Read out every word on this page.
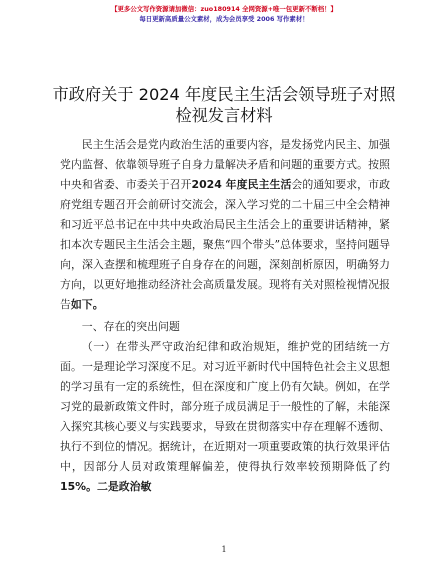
【更多公文写作资源请加微信：zuo180914 全网资源+唯一包更新不断档！】
每日更新高质量公文素材，成为会员享受 2006 写作素材！
市政府关于 2024 年度民主生活会领导班子对照
检视发言材料

民主生活会是党内政治生活的重要内容，是发扬党内民主、加强党内监督、依靠领导班子自身力量解决矛盾和问题的重要方式。按照中央和省委、市委关于召开2024 年度民主生活会的通知要求，市政府党组专题召开会前研讨交流会，深入学习党的二十届三中全会精神和习近平总书记在中共中央政治局民主生活会上的重要讲话精神，紧扣本次专题民主生活会主题，聚焦“四个带头”总体要求，坚持问题导向，深入查摆和梳理班子自身存在的问题，深刻剖析原因，明确努力方向，以更好地推动经济社会高质量发展。现将有关对照检视情况报告如下。

一、存在的突出问题

（一）在带头严守政治纪律和政治规矩，维护党的团结统一方面。一是理论学习深度不足。对习近平新时代中国特色社会主义思想的学习虽有一定的系统性，但在深度和广度上仍有欠缺。例如，在学习党的最新政策文件时，部分班子成员满足于一般性的了解，未能深入探究其核心要义与实践要求，导致在贯彻落实中存在理解不透彻、执行不到位的情况。据统计，在近期对一项重要政策的执行效果评估中，因部分人员对政策理解偏差，使得执行效率较预期降低了约15%。二是政治敏

1
